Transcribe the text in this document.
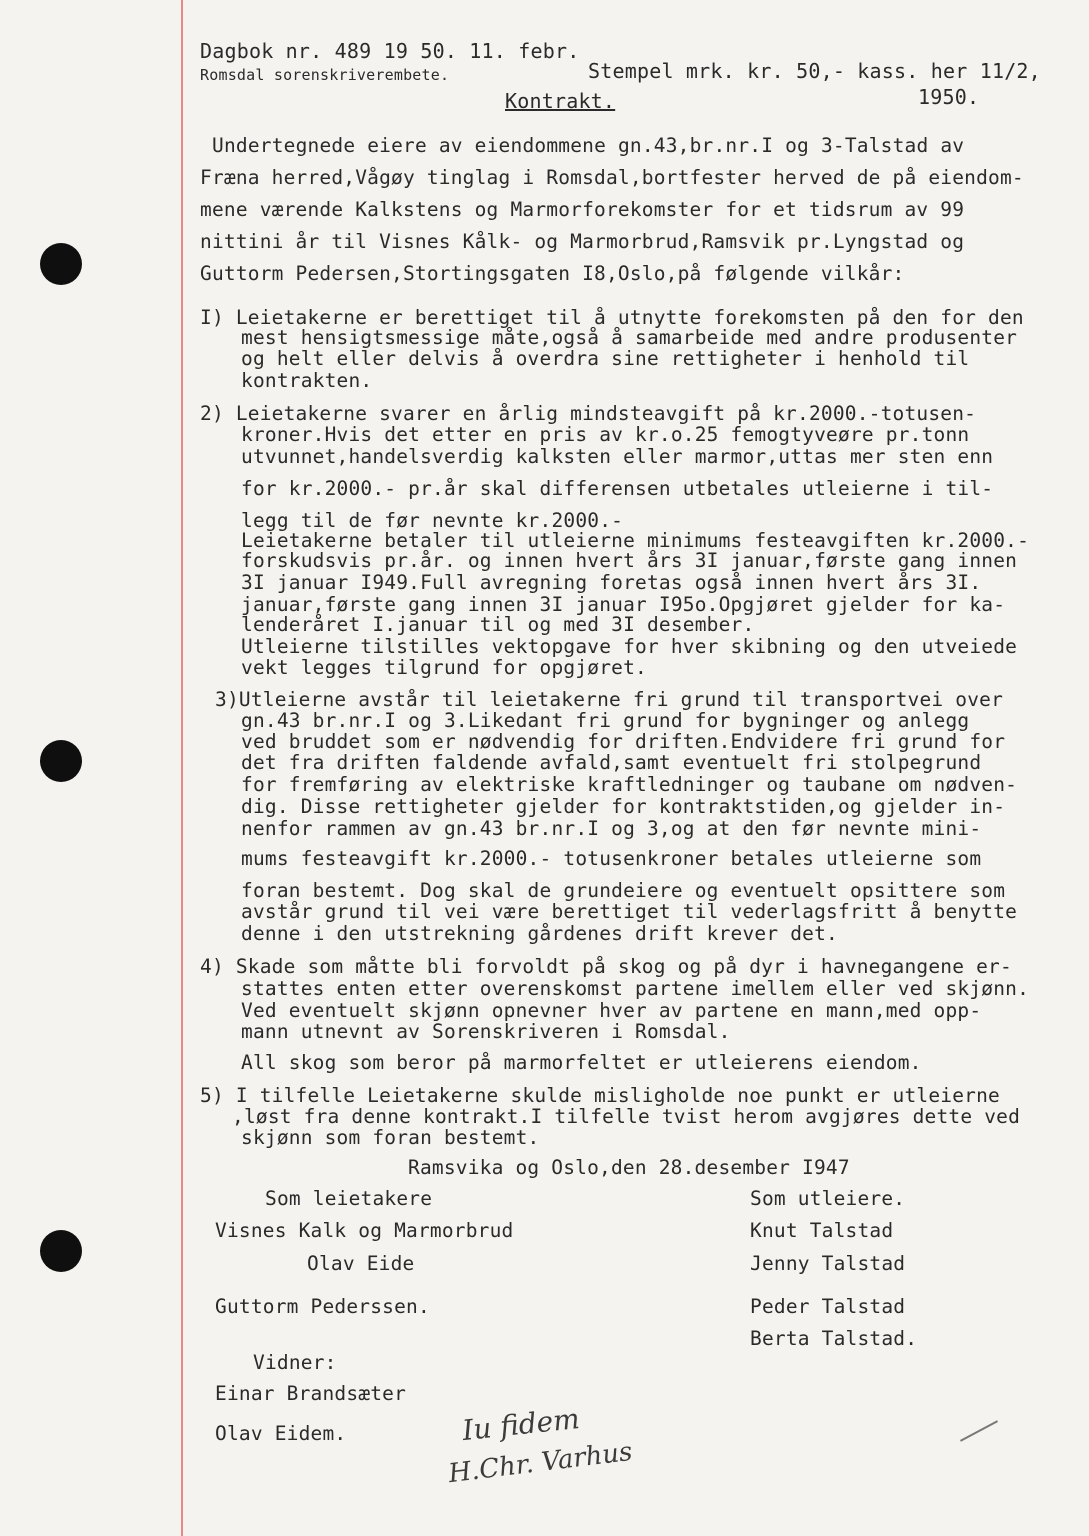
Dagbok nr. 489 19 50. 11. febr.
Romsdal sorenskriverembete.	Stempel mrk. kr. 50,- kass. her 11/2,
1950.
Kontrakt.
Undertegnede eiere av eiendommene gn.43,br.nr.I og 3-Talstad av
Fræna herred,Vågøy tinglag i Romsdal,bortfester herved de på eiendom-
mene værende Kalkstens og Marmorforekomster for et tidsrum av 99
nittini år til Visnes Kålk- og Marmorbrud,Ramsvik pr.Lyngstad og
Guttorm Pedersen,Stortingsgaten I8,Oslo,på følgende vilkår:
I) Leietakerne er berettiget til å utnytte forekomsten på den for den
mest hensigtsmessige måte,også å samarbeide med andre produsenter
og helt eller delvis å overdra sine rettigheter i henhold til
kontrakten.
2) Leietakerne svarer en årlig mindsteavgift på kr.2000.-totusen-
kroner.Hvis det etter en pris av kr.o.25 femogtyveøre pr.tonn
utvunnet,handelsverdig kalksten eller marmor,uttas mer sten enn
for kr.2000.- pr.år skal differensen utbetales utleierne i til-
legg til de før nevnte kr.2000.-
Leietakerne betaler til utleierne minimums festeavgiften kr.2000.-
forskudsvis pr.år. og innen hvert års 3I januar,første gang innen
3I januar I949.Full avregning foretas også innen hvert års 3I.
januar,første gang innen 3I januar I95o.Opgjøret gjelder for ka-
lenderåret I.januar til og med 3I desember.
Utleierne tilstilles vektopgave for hver skibning og den utveiede
vekt legges tilgrund for opgjøret.
3)Utleierne avstår til leietakerne fri grund til transportvei over
gn.43 br.nr.I og 3.Likedant fri grund for bygninger og anlegg
ved bruddet som er nødvendig for driften.Endvidere fri grund for
det fra driften faldende avfald,samt eventuelt fri stolpegrund
for fremføring av elektriske kraftledninger og taubane om nødven-
dig. Disse rettigheter gjelder for kontraktstiden,og gjelder in-
nenfor rammen av gn.43 br.nr.I og 3,og at den før nevnte mini-
mums festeavgift kr.2000.- totusenkroner betales utleierne som
foran bestemt. Dog skal de grundeiere og eventuelt opsittere som
avstår grund til vei være berettiget til vederlagsfritt å benytte
denne i den utstrekning gårdenes drift krever det.
4) Skade som måtte bli forvoldt på skog og på dyr i havnegangene er-
stattes enten etter overenskomst partene imellem eller ved skjønn.
Ved eventuelt skjønn opnevner hver av partene en mann,med opp-
mann utnevnt av Sorenskriveren i Romsdal.
All skog som beror på marmorfeltet er utleierens eiendom.
5) I tilfelle Leietakerne skulde misligholde noe punkt er utleierne
,løst fra denne kontrakt.I tilfelle tvist herom avgjøres dette ved
skjønn som foran bestemt.
Ramsvika og Oslo,den 28.desember I947
Som leietakere
Visnes Kalk og Marmorbrud
Olav Eide
Guttorm Pederssen.
Som utleiere.
Knut Talstad
Jenny Talstad
Peder Talstad
Berta Talstad.
Vidner:
Einar Brandsæter
Olav Eidem.	Iu fidem
H.Chr. Varhus
